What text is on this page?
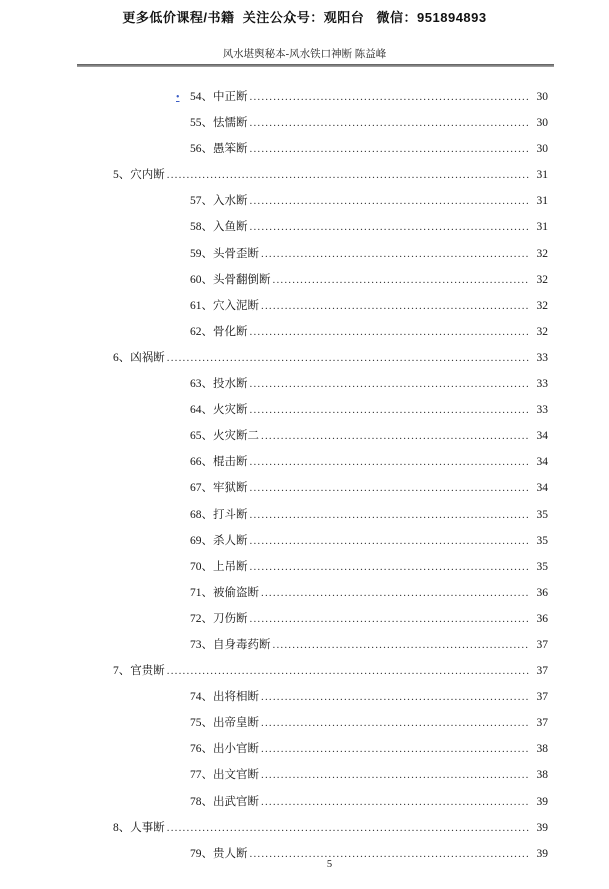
更多低价课程/书籍  关注公众号：观阳台   微信：951894893
风水堪舆秘本-风水铁口神断 陈益峰
• 54、中正断 .....	30
55、怯懦断 .....	30
56、愚笨断 .....	30
5、穴内断 .....	31
57、入水断 .....	31
58、入鱼断 .....	31
59、头骨歪断 .....	32
60、头骨翻倒断 .....	32
61、穴入泥断 .....	32
62、骨化断 .....	32
6、凶祸断 .....	33
63、投水断 .....	33
64、火灾断 .....	33
65、火灾断二 .....	34
66、棍击断 .....	34
67、牢狱断 .....	34
68、打斗断 .....	35
69、杀人断 .....	35
70、上吊断 .....	35
71、被偷盗断 .....	36
72、刀伤断 .....	36
73、自身毒药断 .....	37
7、官贵断 .....	37
74、出将相断 .....	37
75、出帝皇断 .....	37
76、出小官断 .....	38
77、出文官断 .....	38
78、出武官断 .....	39
8、人事断 .....	39
79、贵人断 .....	39
5
